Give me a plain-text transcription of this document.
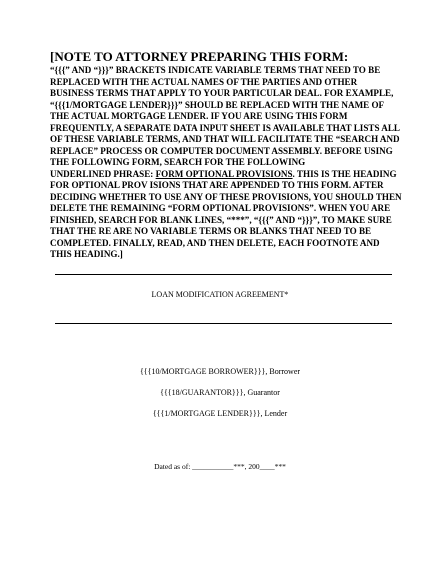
[NOTE TO ATTORNEY PREPARING THIS FORM:
“{{{” AND “}}}” BRACKETS INDICATE VARIABLE TERMS THAT NEED TO BE
REPLACED WITH THE ACTUAL NAMES OF THE PARTIES AND OTHER
BUSINESS TERMS THAT APPLY TO YOUR PARTICULAR DEAL. FOR EXAMPLE,
“{{{1/MORTGAGE LENDER}}}” SHOULD BE REPLACED WITH THE NAME OF
THE ACTUAL MORTGAGE LENDER. IF YOU ARE USING THIS FORM
FREQUENTLY, A SEPARATE DATA INPUT SHEET IS AVAILABLE THAT LISTS ALL
OF THESE VARIABLE TERMS, AND THAT WILL FACILITATE THE “SEARCH AND
REPLACE” PROCESS OR COMPUTER DOCUMENT ASSEMBLY. BEFORE USING
THE FOLLOWING FORM, SEARCH FOR THE FOLLOWING
UNDERLINED PHRASE: FORM OPTIONAL PROVISIONS. THIS IS THE HEADING
FOR OPTIONAL PROV ISIONS THAT ARE APPENDED TO THIS FORM. AFTER
DECIDING WHETHER TO USE ANY OF THESE PROVISIONS, YOU SHOULD THEN
DELETE THE REMAINING “FORM OPTIONAL PROVISIONS”. WHEN YOU ARE
FINISHED, SEARCH FOR BLANK LINES, “***”, “{{{” AND “}}}”, TO MAKE SURE
THAT THE RE ARE NO VARIABLE TERMS OR BLANKS THAT NEED TO BE
COMPLETED. FINALLY, READ, AND THEN DELETE, EACH FOOTNOTE AND
THIS HEADING.]
LOAN MODIFICATION AGREEMENT*
{{{10/MORTGAGE BORROWER}}}, Borrower
{{{18/GUARANTOR}}}, Guarantor
{{{1/MORTGAGE LENDER}}}, Lender
Dated as of: ___________***, 200____***
